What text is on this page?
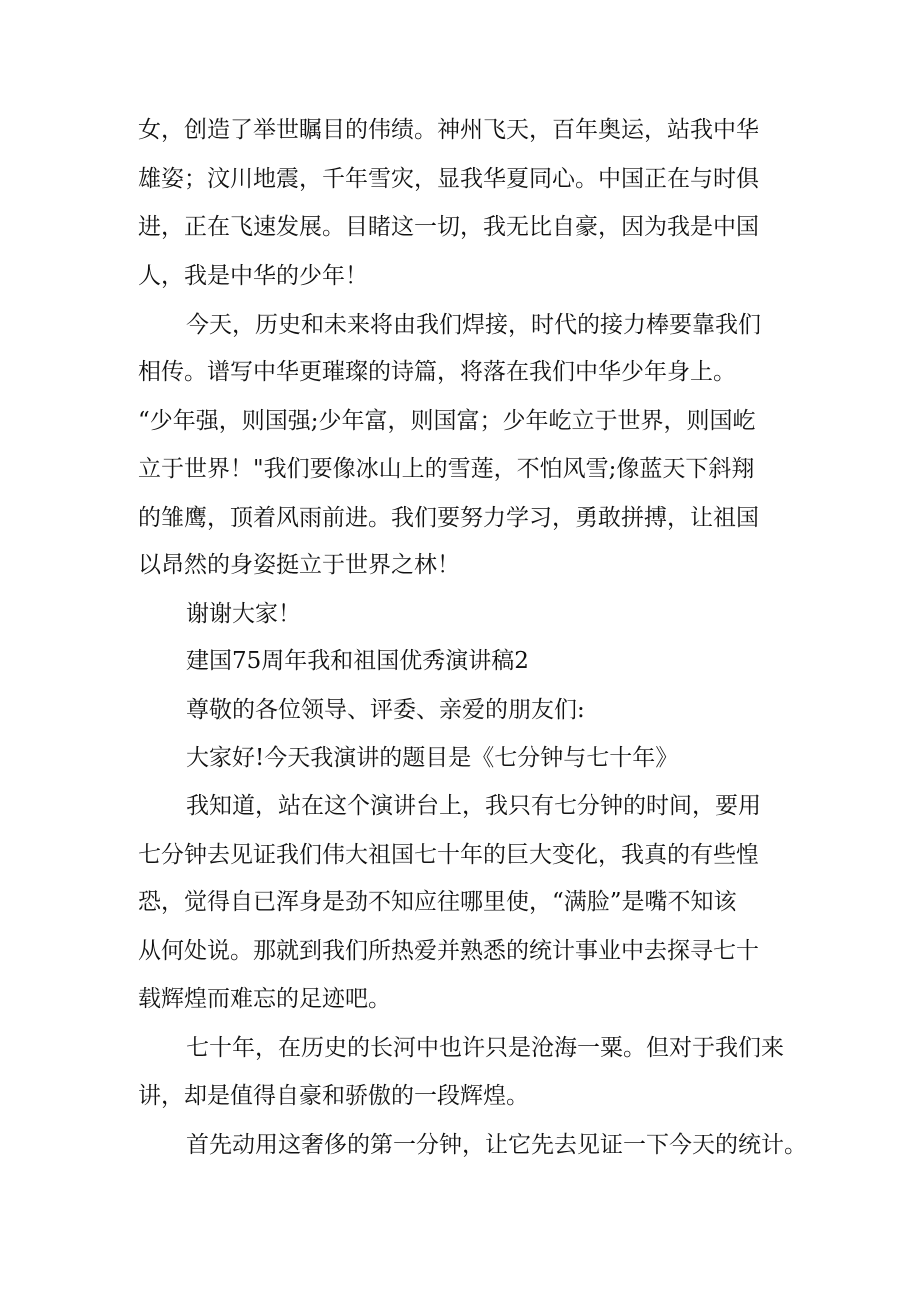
女，创造了举世瞩目的伟绩。神州飞天，百年奥运，站我中华
雄姿；汶川地震，千年雪灾，显我华夏同心。中国正在与时俱
进，正在飞速发展。目睹这一切，我无比自豪，因为我是中国
人，我是中华的少年！
今天，历史和未来将由我们焊接，时代的接力棒要靠我们
相传。谱写中华更璀璨的诗篇，将落在我们中华少年身上。
“少年强，则国强;少年富，则国富；少年屹立于世界，则国屹
立于世界！"我们要像冰山上的雪莲，不怕风雪;像蓝天下斜翔
的雏鹰，顶着风雨前进。我们要努力学习，勇敢拼搏，让祖国
以昂然的身姿挺立于世界之林！
谢谢大家！
建国75周年我和祖国优秀演讲稿2
尊敬的各位领导、评委、亲爱的朋友们:
大家好!今天我演讲的题目是《七分钟与七十年》
我知道，站在这个演讲台上，我只有七分钟的时间，要用
七分钟去见证我们伟大祖国七十年的巨大变化，我真的有些惶
恐，觉得自已浑身是劲不知应往哪里使，“满脸”是嘴不知该
从何处说。那就到我们所热爱并熟悉的统计事业中去探寻七十
载辉煌而难忘的足迹吧。
七十年，在历史的长河中也许只是沧海一粟。但对于我们来
讲，却是值得自豪和骄傲的一段辉煌。
首先动用这奢侈的第一分钟，让它先去见证一下今天的统计。
